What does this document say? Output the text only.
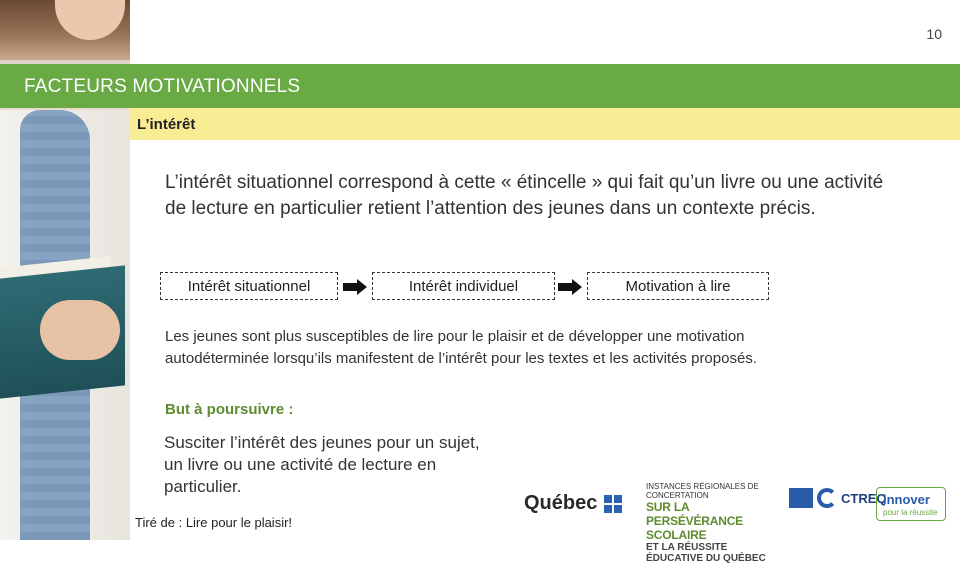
10
FACTEURS MOTIVATIONNELS
L’intérêt
L’intérêt situationnel correspond à cette « étincelle » qui fait qu’un livre ou une activité de lecture en particulier retient l’attention des jeunes dans un contexte précis.
Intérêt situationnel	Intérêt individuel	Motivation à lire
Les jeunes sont plus susceptibles de lire pour le plaisir et de développer une motivation autodéterminée lorsqu’ils manifestent de l’intérêt pour les textes et les activités proposés.
But à poursuivre :
Susciter l’intérêt des jeunes pour un sujet, un livre ou une activité de lecture en particulier.
Tiré de : Lire pour le plaisir!
Québec
INSTANCES RÉGIONALES DE CONCERTATION
SUR LA PERSÉVÉRANCE SCOLAIRE
ET LA RÉUSSITE ÉDUCATIVE DU QUÉBEC
CTREQ
innover
pour la réussite
